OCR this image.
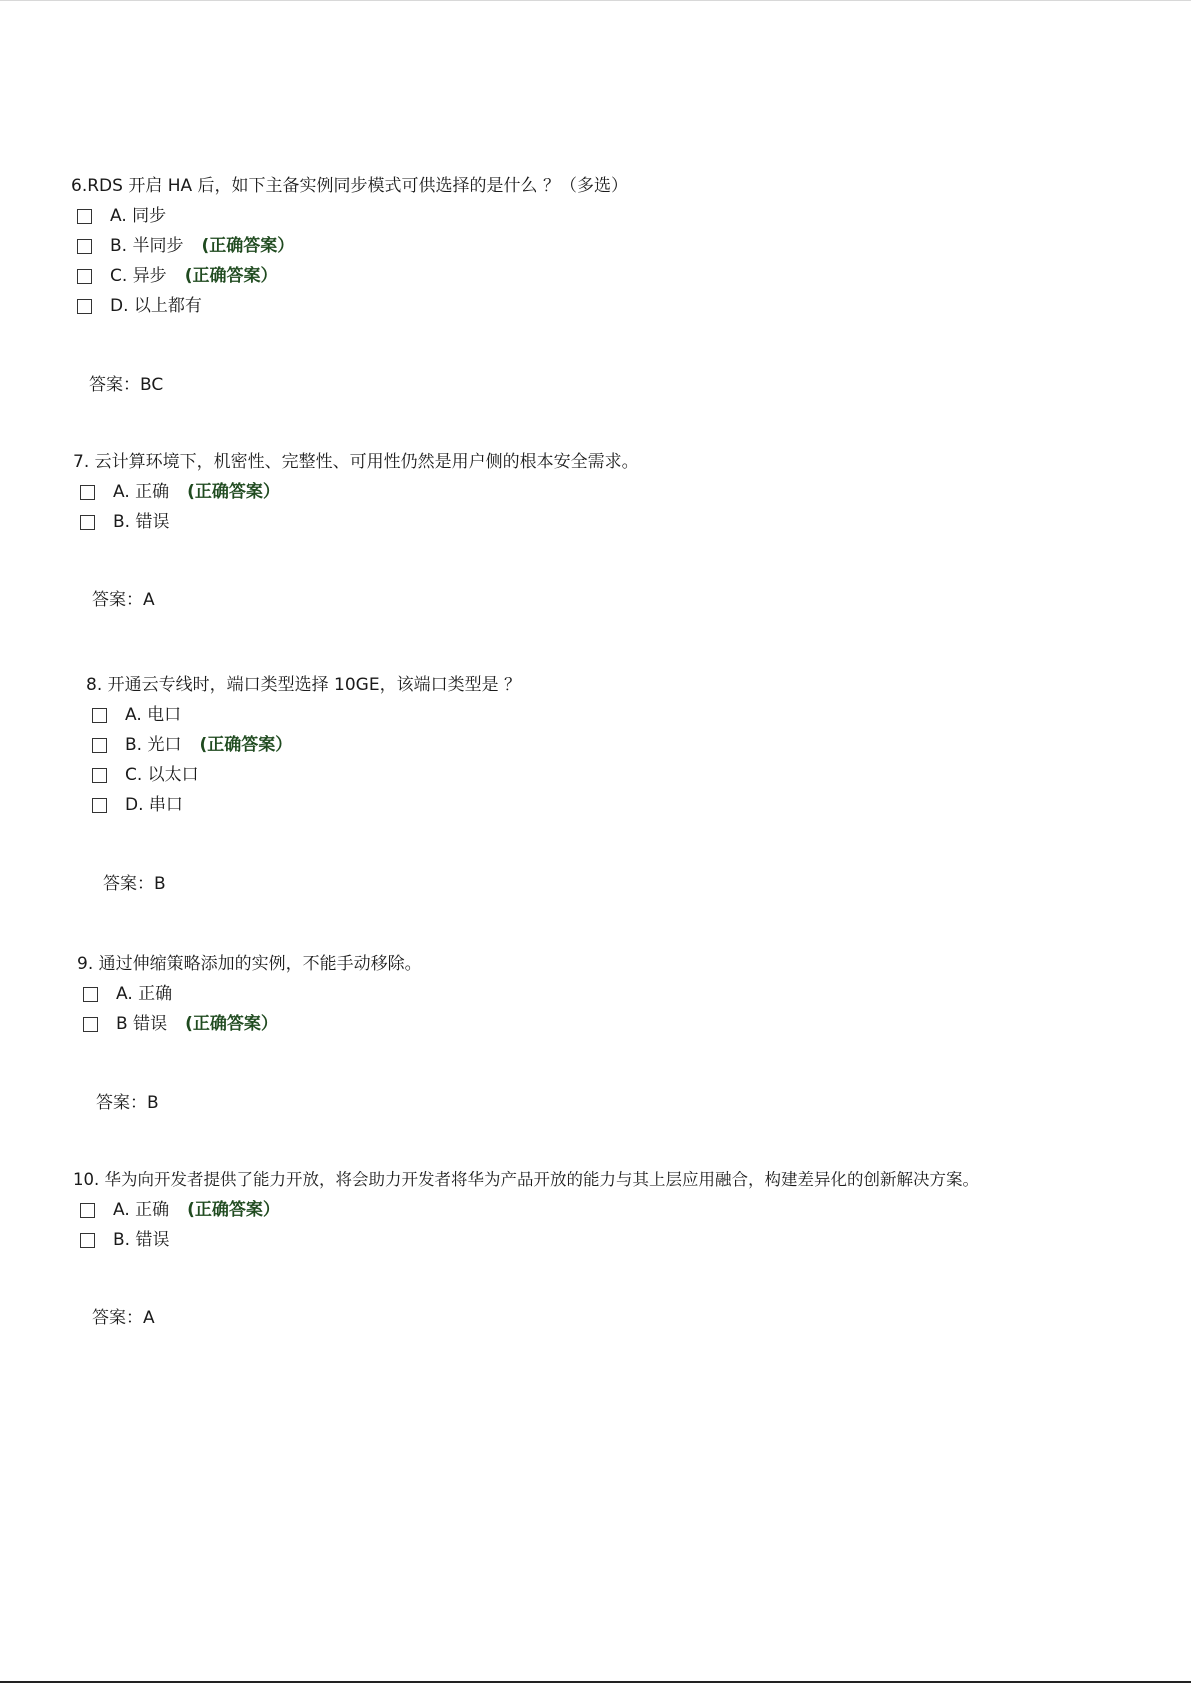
6.RDS 开启 HA 后，如下主备实例同步模式可供选择的是什么 ？（多选）
A. 同步
B. 半同步 (正确答案）
C. 异步 (正确答案）
D. 以上都有
答案：BC
7. 云计算环境下，机密性、完整性、可用性仍然是用户侧的根本安全需求。
A. 正确 (正确答案）
B. 错误
答案：A
8. 开通云专线时，端口类型选择 10GE，该端口类型是 ？
A. 电口
B. 光口 (正确答案）
C. 以太口
D. 串口
答案：B
9. 通过伸缩策略添加的实例，不能手动移除。
A. 正确
B 错误 (正确答案）
答案：B
10. 华为向开发者提供了能力开放，将会助力开发者将华为产品开放的能力与其上层应用融合，构建差异化的创新解决方案。
A. 正确 (正确答案）
B. 错误
答案：A
